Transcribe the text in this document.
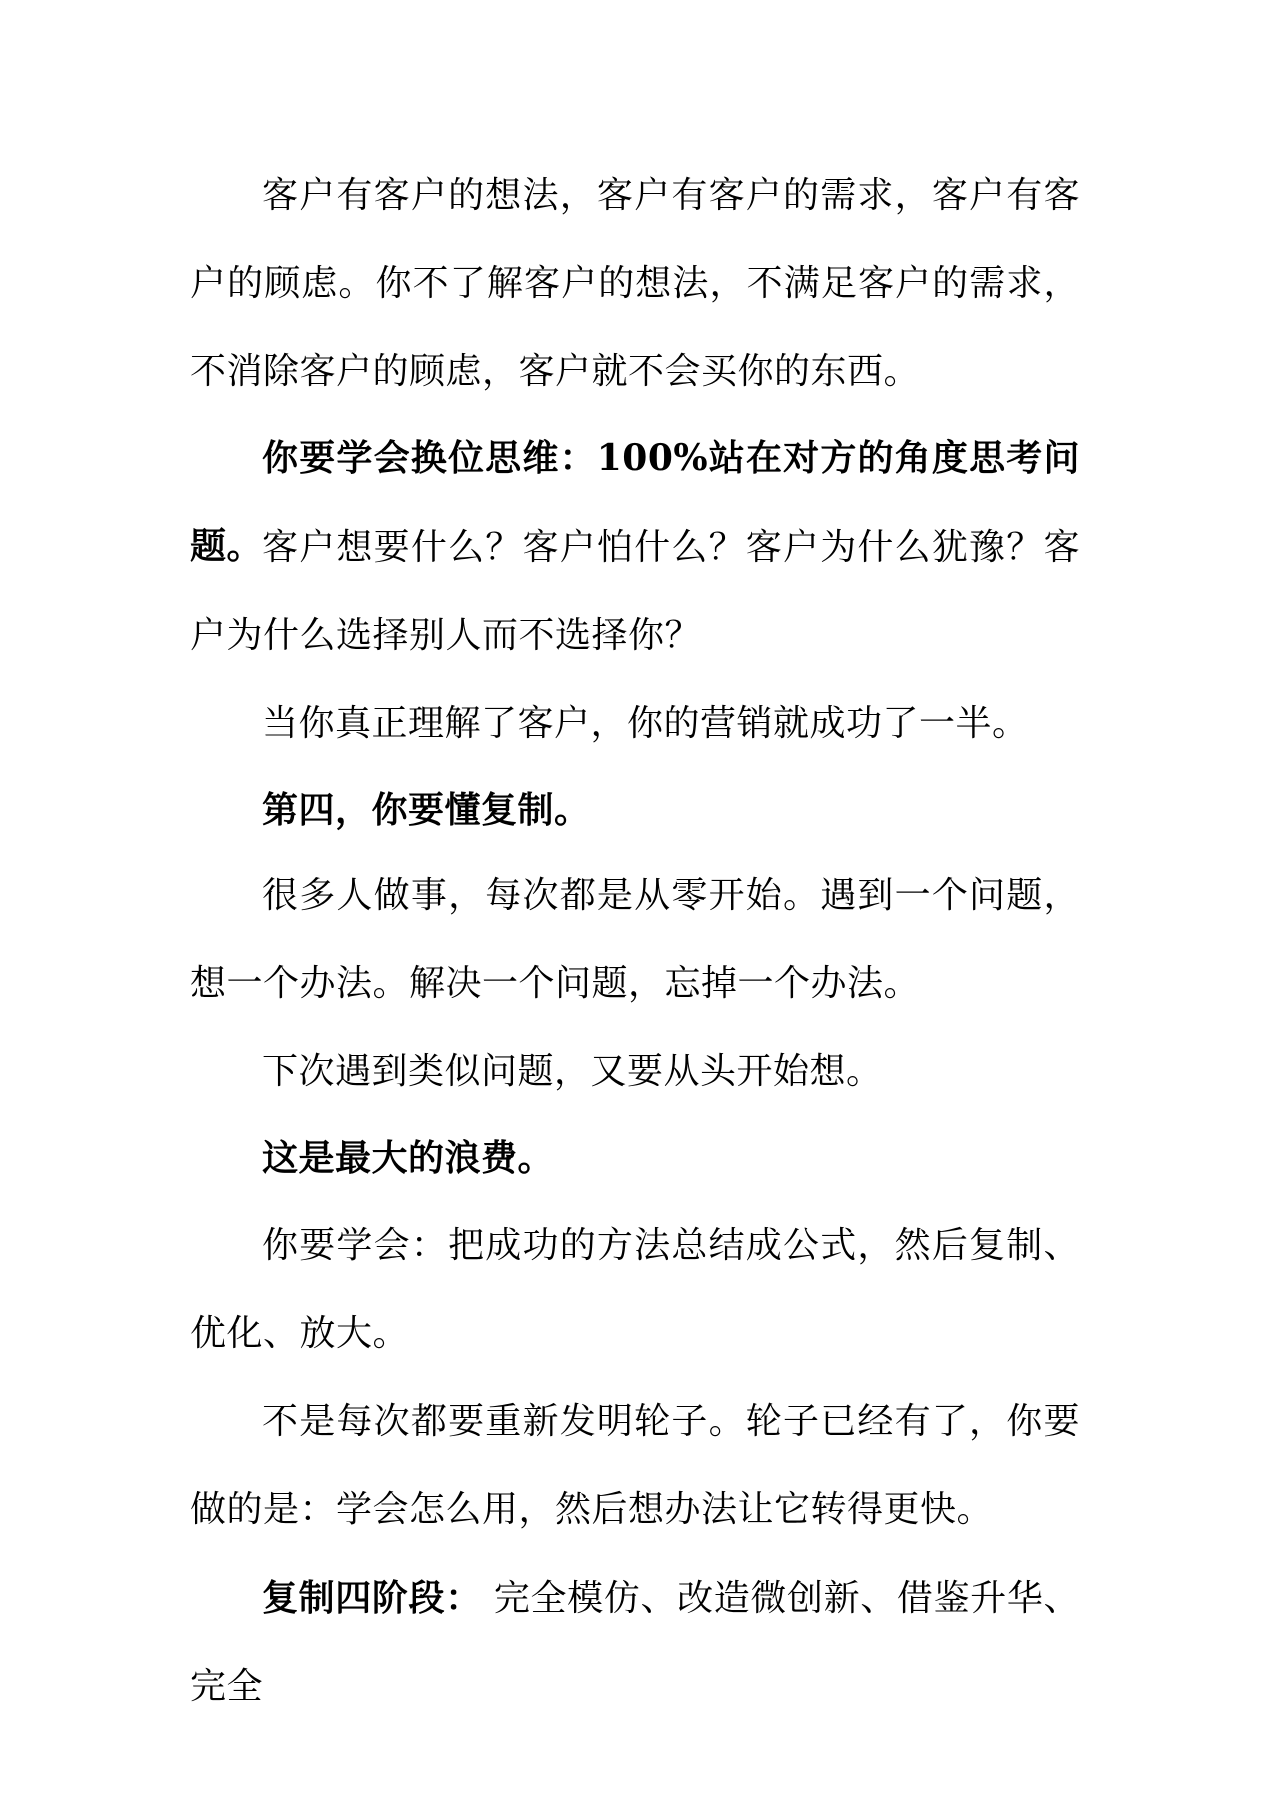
客户有客户的想法，客户有客户的需求，客户有客户的顾虑。你不了解客户的想法，不满足客户的需求，不消除客户的顾虑，客户就不会买你的东西。

你要学会换位思维：100%站在对方的角度思考问题。

客户想要什么？客户怕什么？客户为什么犹豫？客户为什么选择别人而不选择你？

当你真正理解了客户，你的营销就成功了一半。

第四，你要懂复制。

很多人做事，每次都是从零开始。遇到一个问题，想一个办法。解决一个问题，忘掉一个办法。

下次遇到类似问题，又要从头开始想。

这是最大的浪费。

你要学会：把成功的方法总结成公式，然后复制、优化、放大。

不是每次都要重新发明轮子。轮子已经有了，你要做的是：学会怎么用，然后想办法让它转得更快。

复制四阶段： 完全模仿、改造微创新、借鉴升华、完全
